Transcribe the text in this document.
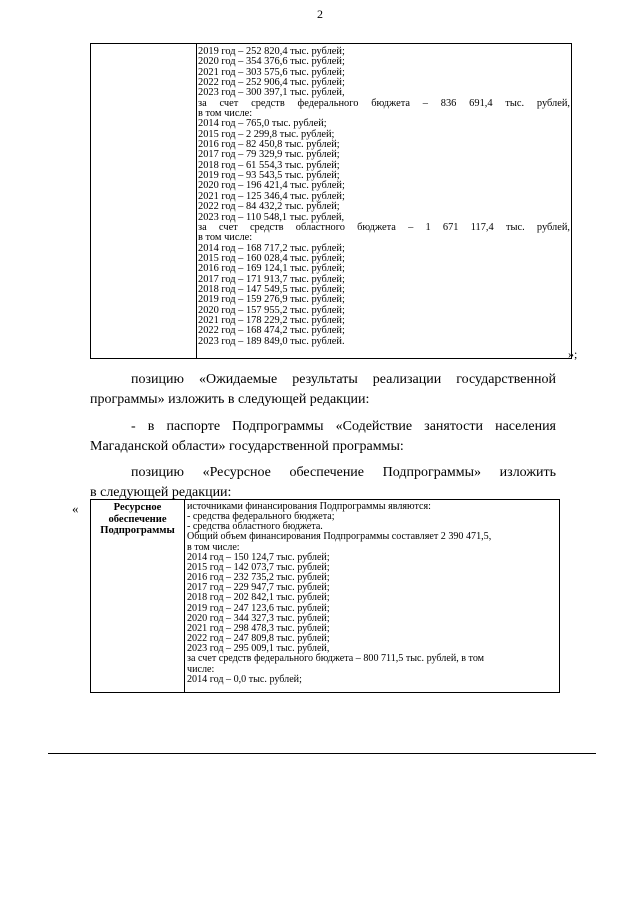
2
2019 год – 252 820,4 тыс. рублей;
2020 год – 354 376,6 тыс. рублей;
2021 год – 303 575,6 тыс. рублей;
2022 год – 252 906,4 тыс. рублей;
2023 год – 300 397,1 тыс. рублей,
за счет средств федерального бюджета – 836 691,4 тыс. рублей,
в том числе:
2014 год – 765,0 тыс. рублей;
2015 год – 2 299,8 тыс. рублей;
2016 год – 82 450,8 тыс. рублей;
2017 год – 79 329,9 тыс. рублей;
2018 год – 61 554,3 тыс. рублей;
2019 год – 93 543,5 тыс. рублей;
2020 год – 196 421,4 тыс. рублей;
2021 год – 125 346,4 тыс. рублей;
2022 год – 84 432,2 тыс. рублей;
2023 год – 110 548,1 тыс. рублей,
за счет средств областного бюджета – 1 671 117,4 тыс. рублей,
в том числе:
2014 год – 168 717,2 тыс. рублей;
2015 год – 160 028,4 тыс. рублей;
2016 год – 169 124,1 тыс. рублей;
2017 год – 171 913,7 тыс. рублей;
2018 год – 147 549,5 тыс. рублей;
2019 год – 159 276,9 тыс. рублей;
2020 год – 157 955,2 тыс. рублей;
2021 год – 178 229,2 тыс. рублей;
2022 год – 168 474,2 тыс. рублей;
2023 год – 189 849,0 тыс. рублей.
»;
позицию «Ожидаемые результаты реализации государственной
программы» изложить в следующей редакции:
- в паспорте Подпрограммы «Содействие занятости населения
Магаданской области» государственной программы:
позицию «Ресурсное обеспечение Подпрограммы» изложить
в следующей редакции:
«	Ресурсное обеспечение Подпрограммы
источниками финансирования Подпрограммы являются:
- средства федерального бюджета;
- средства областного бюджета.
Общий объем финансирования Подпрограммы составляет 2 390 471,5,
в том числе:
2014 год – 150 124,7 тыс. рублей;
2015 год – 142 073,7 тыс. рублей;
2016 год – 232 735,2 тыс. рублей;
2017 год – 229 947,7 тыс. рублей;
2018 год – 202 842,1 тыс. рублей;
2019 год – 247 123,6 тыс. рублей;
2020 год – 344 327,3 тыс. рублей;
2021 год – 298 478,3 тыс. рублей;
2022 год – 247 809,8 тыс. рублей;
2023 год – 295 009,1 тыс. рублей,
за счет средств федерального бюджета – 800 711,5 тыс. рублей, в том
числе:
2014 год – 0,0 тыс. рублей;
